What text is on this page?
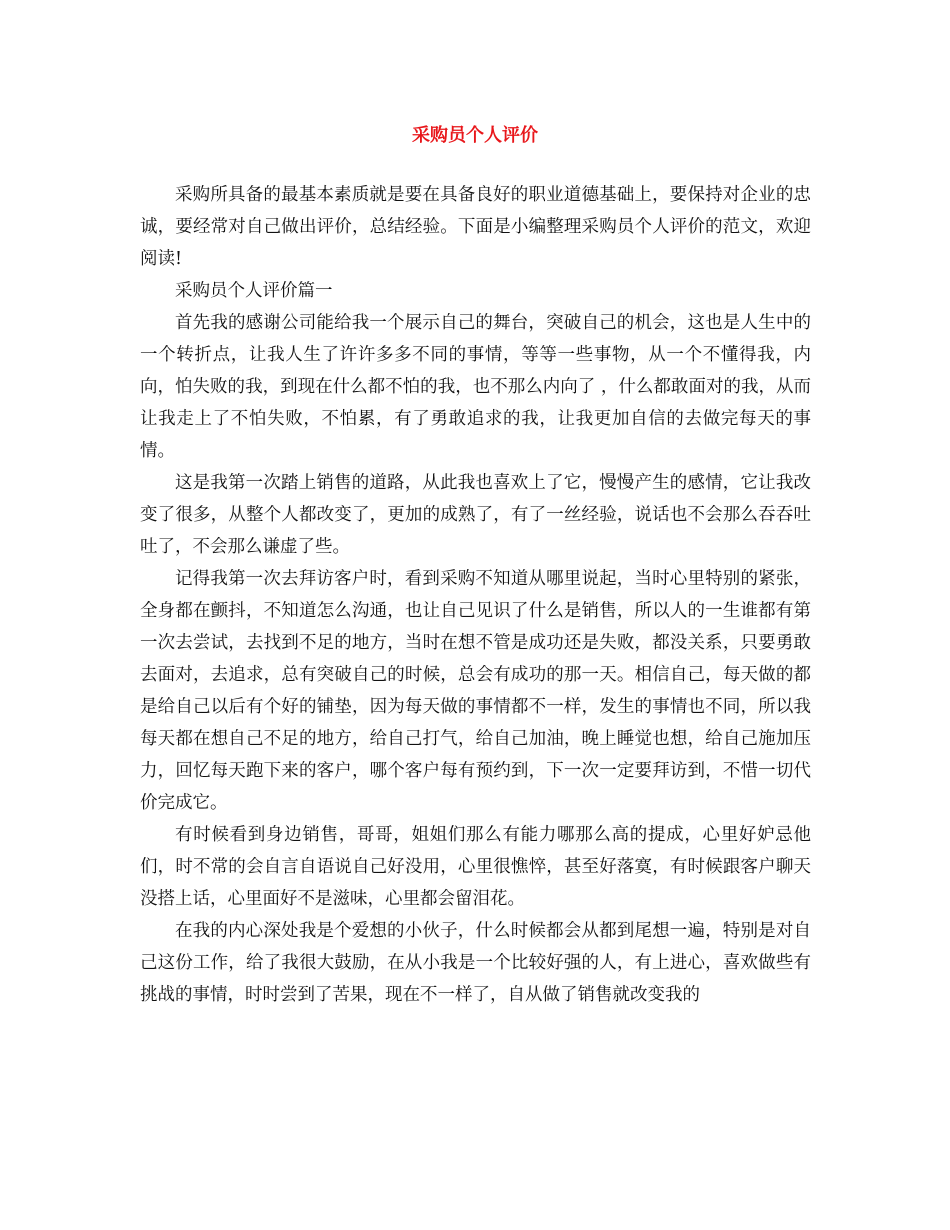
采购员个人评价

采购所具备的最基本素质就是要在具备良好的职业道德基础上，要保持对企业的忠诚，要经常对自己做出评价，总结经验。下面是小编整理采购员个人评价的范文，欢迎阅读!

采购员个人评价篇一

首先我的感谢公司能给我一个展示自己的舞台，突破自己的机会，这也是人生中的一个转折点，让我人生了许许多多不同的事情，等等一些事物，从一个不懂得我，内向，怕失败的我，到现在什么都不怕的我，也不那么内向了 ，什么都敢面对的我，从而让我走上了不怕失败，不怕累，有了勇敢追求的我，让我更加自信的去做完每天的事情。

这是我第一次踏上销售的道路，从此我也喜欢上了它，慢慢产生的感情，它让我改变了很多，从整个人都改变了，更加的成熟了，有了一丝经验，说话也不会那么吞吞吐吐了，不会那么谦虚了些。

记得我第一次去拜访客户时，看到采购不知道从哪里说起，当时心里特别的紧张，全身都在颤抖，不知道怎么沟通，也让自己见识了什么是销售，所以人的一生谁都有第一次去尝试，去找到不足的地方，当时在想不管是成功还是失败，都没关系，只要勇敢去面对，去追求，总有突破自己的时候，总会有成功的那一天。相信自己，每天做的都是给自己以后有个好的铺垫，因为每天做的事情都不一样，发生的事情也不同，所以我每天都在想自己不足的地方，给自己打气，给自己加油，晚上睡觉也想，给自己施加压力，回忆每天跑下来的客户，哪个客户每有预约到，下一次一定要拜访到，不惜一切代价完成它。

有时候看到身边销售，哥哥，姐姐们那么有能力哪那么高的提成，心里好妒忌他们，时不常的会自言自语说自己好没用，心里很憔悴，甚至好落寞，有时候跟客户聊天没搭上话，心里面好不是滋味，心里都会留泪花。

在我的内心深处我是个爱想的小伙子，什么时候都会从都到尾想一遍，特别是对自己这份工作，给了我很大鼓励，在从小我是一个比较好强的人，有上进心，喜欢做些有挑战的事情，时时尝到了苦果，现在不一样了，自从做了销售就改变我的
